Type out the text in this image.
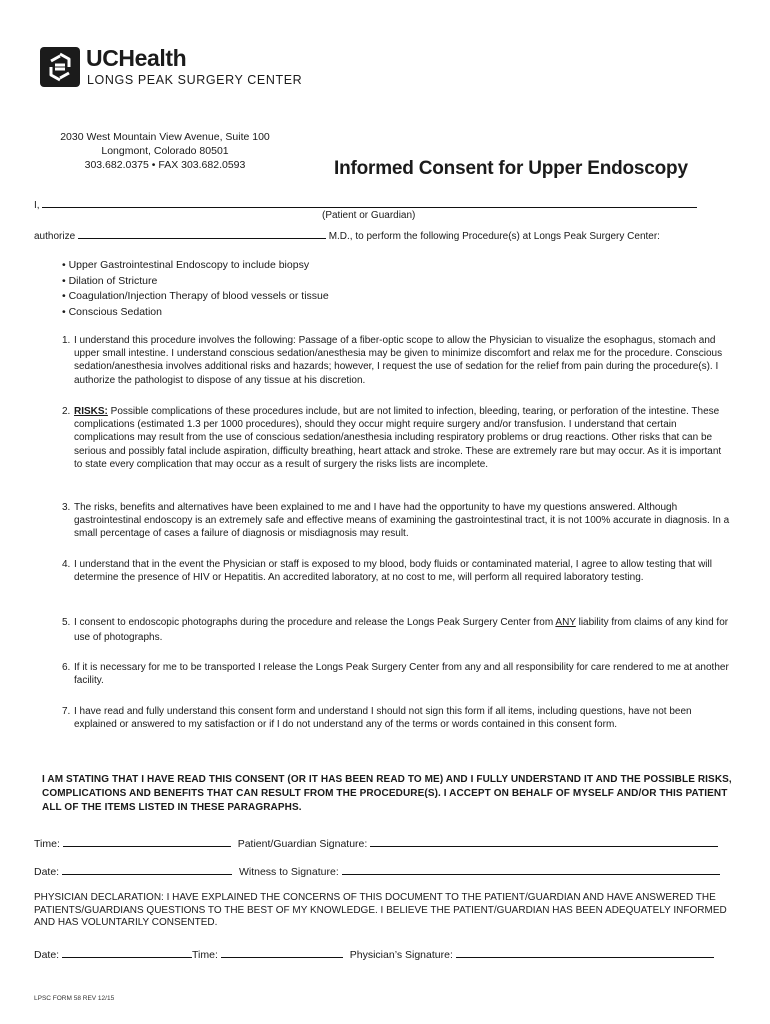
UCHealth
LONGS PEAK SURGERY CENTER
2030 West Mountain View Avenue, Suite 100
Longmont, Colorado 80501
303.682.0375 • FAX 303.682.0593	Informed Consent for Upper Endoscopy
I,
(Patient or Guardian)
authorize	M.D., to perform the following Procedure(s) at Longs Peak Surgery Center:
• Upper Gastrointestinal Endoscopy to include biopsy
• Dilation of Stricture
• Coagulation/Injection Therapy of blood vessels or tissue
• Conscious Sedation
1. I understand this procedure involves the following: Passage of a fiber-optic scope to allow the Physician to visualize the esophagus, stomach and upper small intestine. I understand conscious sedation/anesthesia may be given to minimize discomfort and relax me for the procedure. Conscious sedation/anesthesia involves additional risks and hazards; however, I request the use of sedation for the relief from pain during the procedure(s). I authorize the pathologist to dispose of any tissue at his discretion.
2. RISKS: Possible complications of these procedures include, but are not limited to infection, bleeding, tearing, or perforation of the intestine. These complications (estimated 1.3 per 1000 procedures), should they occur might require surgery and/or transfusion. I understand that certain complications may result from the use of conscious sedation/anesthesia including respiratory problems or drug reactions. Other risks that can be serious and possibly fatal include aspiration, difficulty breathing, heart attack and stroke. These are extremely rare but may occur. As it is important to state every complication that may occur as a result of surgery the risks lists are incomplete.
3. The risks, benefits and alternatives have been explained to me and I have had the opportunity to have my questions answered. Although gastrointestinal endoscopy is an extremely safe and effective means of examining the gastrointestinal tract, it is not 100% accurate in diagnosis. In a small percentage of cases a failure of diagnosis or misdiagnosis may result.
4. I understand that in the event the Physician or staff is exposed to my blood, body fluids or contaminated material, I agree to allow testing that will determine the presence of HIV or Hepatitis. An accredited laboratory, at no cost to me, will perform all required laboratory testing.
5. I consent to endoscopic photographs during the procedure and release the Longs Peak Surgery Center from ANY liability from claims of any kind for use of photographs.
6. If it is necessary for me to be transported I release the Longs Peak Surgery Center from any and all responsibility for care rendered to me at another facility.
7. I have read and fully understand this consent form and understand I should not sign this form if all items, including questions, have not been explained or answered to my satisfaction or if I do not understand any of the terms or words contained in this consent form.
I AM STATING THAT I HAVE READ THIS CONSENT (OR IT HAS BEEN READ TO ME) AND I FULLY UNDERSTAND IT AND THE POSSIBLE RISKS, COMPLICATIONS AND BENEFITS THAT CAN RESULT FROM THE PROCEDURE(S). I ACCEPT ON BEHALF OF MYSELF AND/OR THIS PATIENT ALL OF THE ITEMS LISTED IN THESE PARAGRAPHS.
Time:	Patient/Guardian Signature:
Date:	Witness to Signature:
PHYSICIAN DECLARATION: I HAVE EXPLAINED THE CONCERNS OF THIS DOCUMENT TO THE PATIENT/GUARDIAN AND HAVE ANSWERED THE PATIENTS/GUARDIANS QUESTIONS TO THE BEST OF MY KNOWLEDGE. I BELIEVE THE PATIENT/GUARDIAN HAS BEEN ADEQUATELY INFORMED AND HAS VOLUNTARILY CONSENTED.
Date:	Time:	Physician’s Signature:
LPSC FORM 58 REV 12/15
